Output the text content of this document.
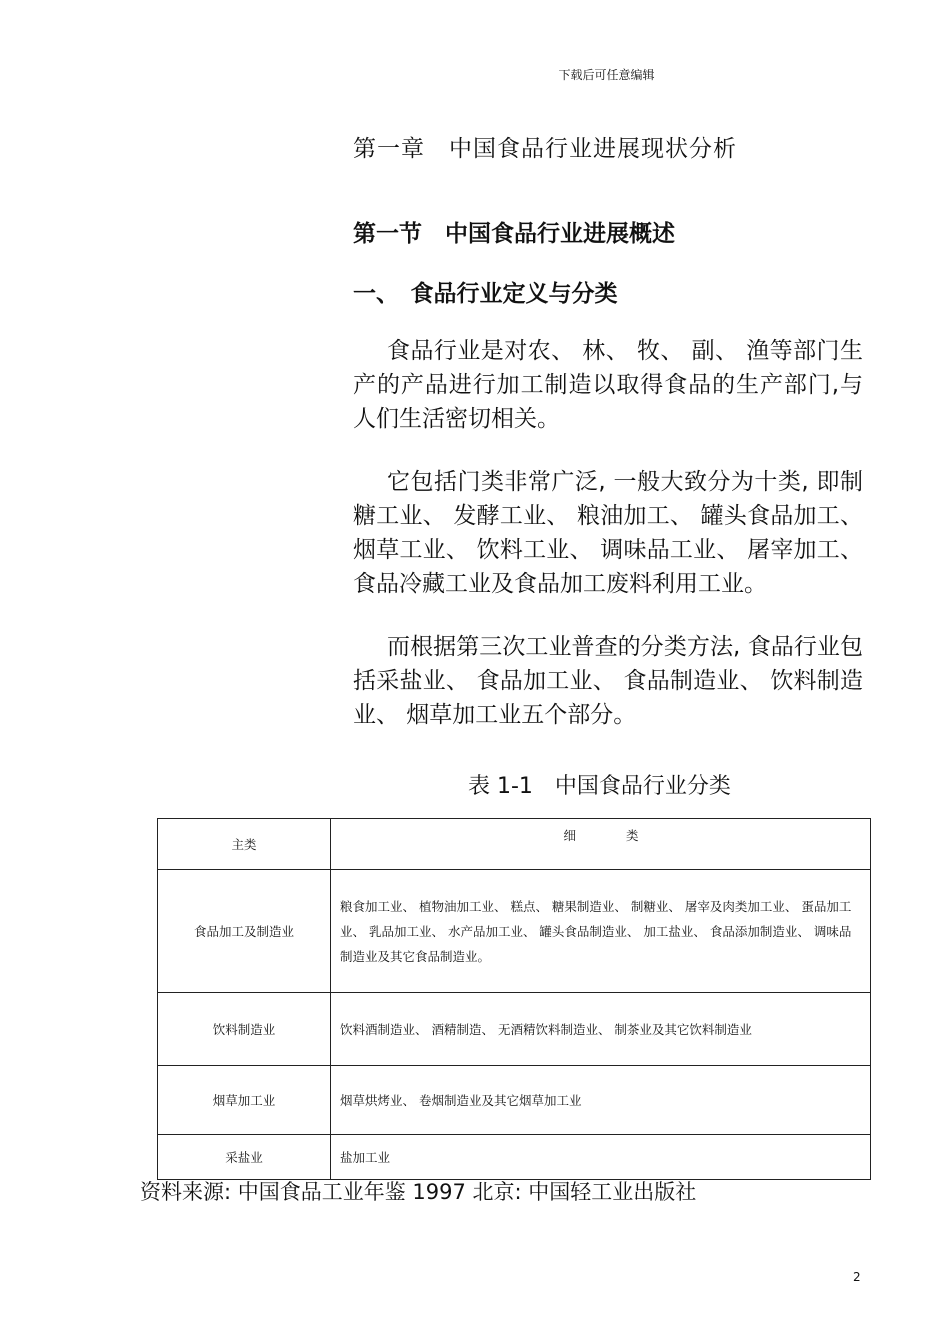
下载后可任意编辑

第一章　中国食品行业进展现状分析
第一节　中国食品行业进展概述
一、　食品行业定义与分类

食品行业是对农、 林、 牧、 副、 渔等部门生产的产品进行加工制造以取得食品的生产部门,与人们生活密切相关。

它包括门类非常广泛, 一般大致分为十类, 即制糖工业、 发酵工业、 粮油加工、 罐头食品加工、 烟草工业、 饮料工业、 调味品工业、 屠宰加工、 食品冷藏工业及食品加工废料利用工业。

而根据第三次工业普查的分类方法, 食品行业包括采盐业、 食品加工业、 食品制造业、 饮料制造业、 烟草加工业五个部分。

表 1-1　中国食品行业分类

主类	细　　　　类
食品加工及制造业	粮食加工业、 植物油加工业、 糕点、 糖果制造业、 制糖业、 屠宰及肉类加工业、 蛋品加工业、 乳品加工业、 水产品加工业、 罐头食品制造业、 加工盐业、 食品添加制造业、 调味品制造业及其它食品制造业。
饮料制造业	饮料酒制造业、 酒精制造、 无酒精饮料制造业、 制茶业及其它饮料制造业
烟草加工业	烟草烘烤业、 卷烟制造业及其它烟草加工业
采盐业	盐加工业

资料来源: 中国食品工业年鉴 1997 北京: 中国轻工业出版社

2
